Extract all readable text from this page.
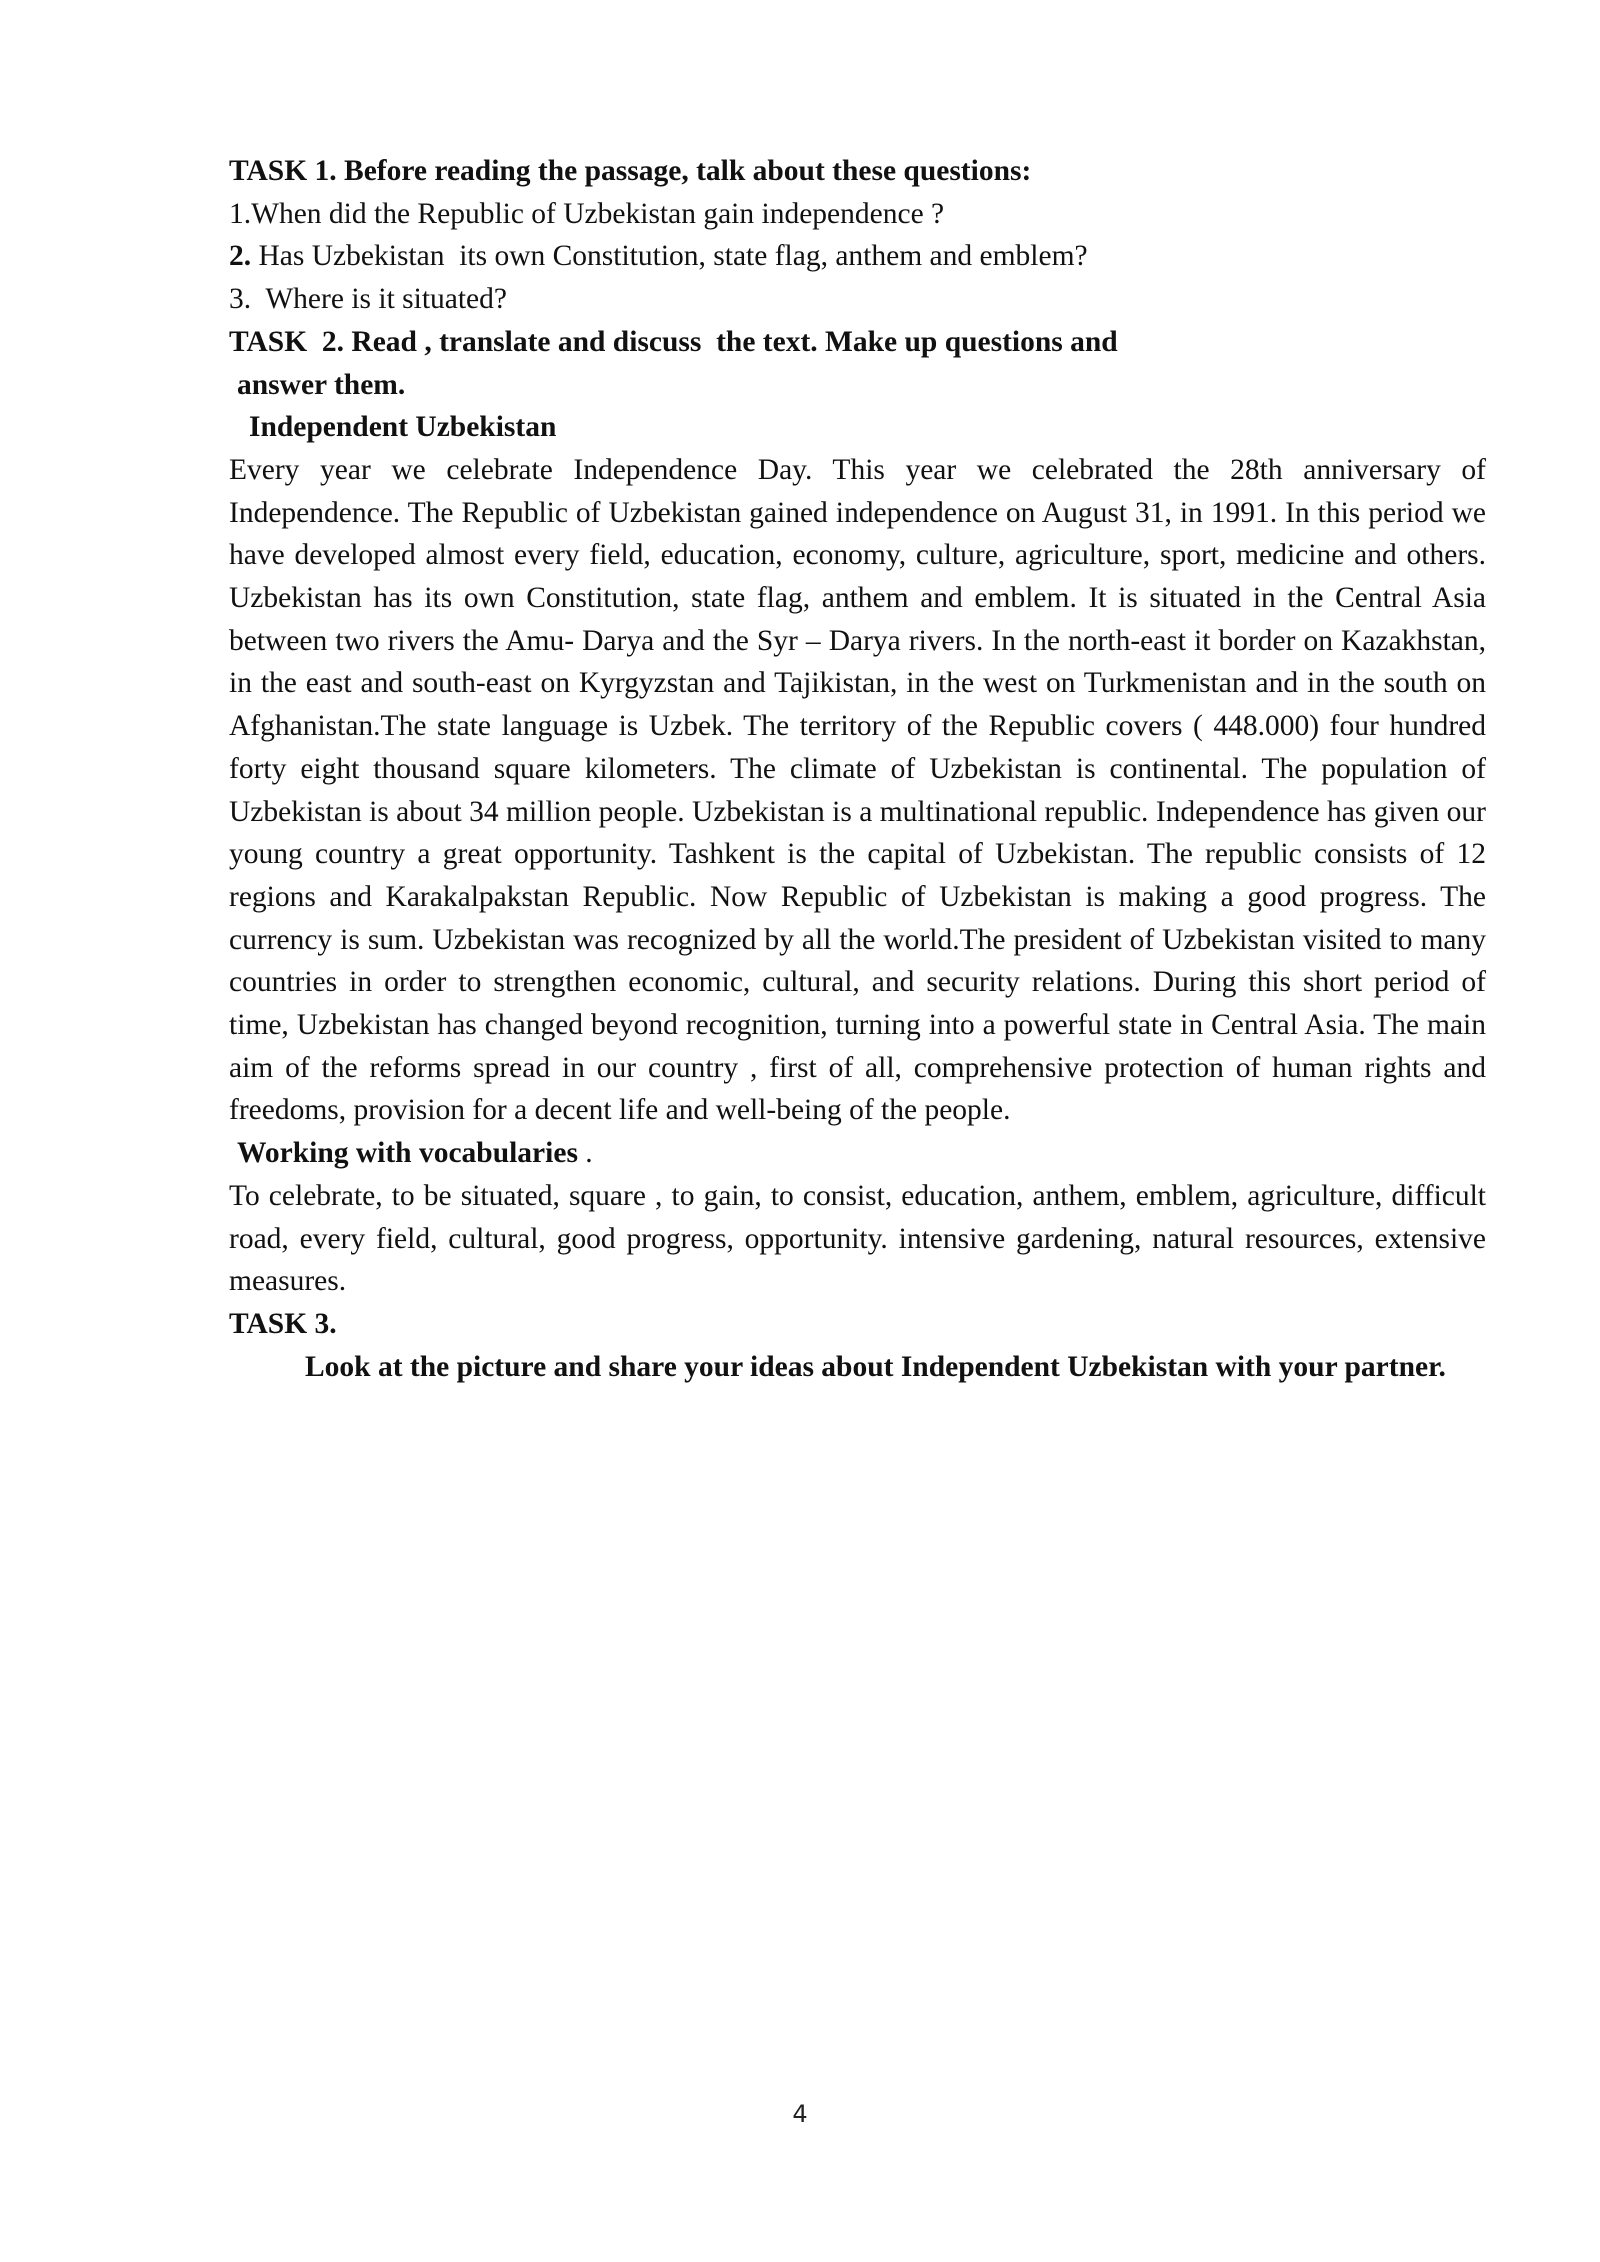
TASK 1. Before reading the passage, talk about these questions:
1.When did the Republic of Uzbekistan gain independence ?
2. Has Uzbekistan  its own Constitution, state flag, anthem and emblem?
3.  Where is it situated?
TASK  2. Read , translate and discuss  the text. Make up questions and
answer them.
Independent Uzbekistan

Every year we celebrate Independence Day. This year we celebrated the 28th anniversary of Independence. The Republic of Uzbekistan gained independence on August 31, in 1991. In this period we have developed almost every field, education, economy, culture, agriculture, sport, medicine and others. Uzbekistan has its own Constitution, state flag, anthem and emblem. It is situated in the Central Asia between two rivers the Amu- Darya and the Syr – Darya rivers. In the north-east it border on Kazakhstan, in the east and south-east on Kyrgyzstan and Tajikistan, in the west on Turkmenistan and in the south on Afghanistan.The state language is Uzbek. The territory of the Republic covers ( 448.000) four hundred forty eight thousand square kilometers. The climate of Uzbekistan is continental. The population of Uzbekistan is about 34 million people. Uzbekistan is a multinational republic. Independence has given our young country a great opportunity. Tashkent is the capital of Uzbekistan. The republic consists of 12 regions and Karakalpakstan Republic. Now Republic of Uzbekistan is making a good progress. The currency is sum. Uzbekistan was recognized by all the world.The president of Uzbekistan visited to many countries in order to strengthen economic, cultural, and security relations. During this short period of time, Uzbekistan has changed beyond recognition, turning into a powerful state in Central Asia. The main aim of the reforms spread in our country , first of all, comprehensive protection of human rights and freedoms, provision for a decent life and well-being of the people.

Working with vocabularies .

To celebrate, to be situated, square , to gain, to consist, education, anthem, emblem, agriculture, difficult road, every field, cultural, good progress, opportunity. intensive gardening, natural resources, extensive measures.

TASK 3.

Look at the picture and share your ideas about Independent Uzbekistan with your partner.

4
